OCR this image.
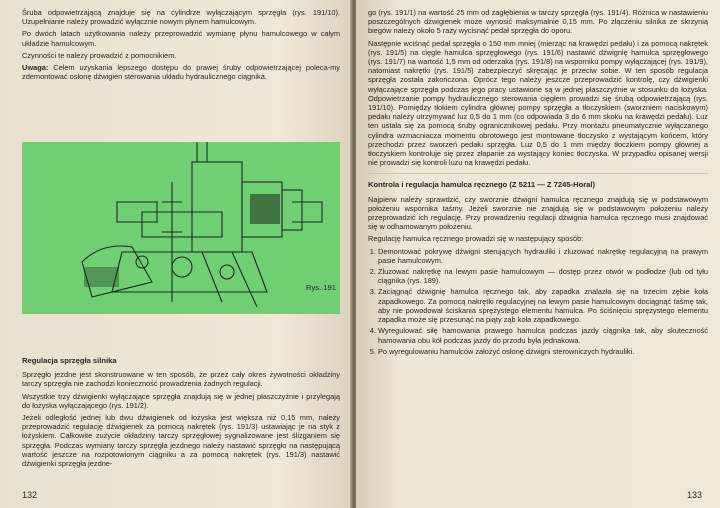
Śruba odpowietrzającą znajduje się na cylindrze wyłączającym sprzęgła (rys. 191/10). Uzupełnianie należy prowadzić wyłącznie nowym płynem hamulcowym.

Po dwóch latach użytkowania należy przeprowadzić wymianę płynu hamulcowego w całym układzie hamulcowym.

Czynności te należy prowadzić z pomocnikiem.

Uwaga: Celem uzyskania lepszego dostępu do prawej śruby odpowietrzającej poleca-my zdemontować osłonę dźwigien sterowania układu hydraulicznego ciągnika.

Rys. 191
Regulacja sprzęgła silnika

Sprzęgło jezdne jest skonstruowane w ten sposób, że przez cały okres żywotności okładziny tarczy sprzęgła nie zachodzi konieczność prowadzenia żadnych regulacji.

Wszystkie trzy dźwigienki wyłączające sprzęgła znajdują się w jednej płaszczyźnie i przylegają do łożyska wyłączającego (rys. 191/2).

Jeżeli odległość jednej lub dwu dźwigienek od łożyska jest większa niż 0,15 mm, należy przeprowadzić regulację dźwigienek za pomocą nakrętek (rys. 191/3) ustawiając je na styk z łożyskiem. Całkowite zużycie okładziny tarczy sprzęgłowej sygnalizowane jest ślizganiem się sprzęgła. Podczas wymiany tarczy sprzęgła jezdnego należy nastawić sprzęgło na następującą wartość jeszcze na rozpotowionym ciągniku a za pomocą nakrętek (rys. 191/3) nastawić dźwigienki sprzęgła jezdne-

132

go (rys. 191/1) na wartość 25 mm od zagłębienia w tarczy sprzęgła (rys. 191/4). Różnica w nastawieniu poszczególnych dźwigienek może wynosić maksymalnie 0,15 mm. Po złączeniu silnika ze skrzynią biegów należy około 5 razy wycisnąć pedał sprzęgła do oporu.

Następnie wciśnąć pedał sprzęgła o 150 mm mniej (mierząc na krawędzi pedału) i za pomocą nakrętek (rys. 191/5) na cięgle hamulca sprzęgłowego (rys. 191/6) nastawić dźwignię hamulca sprzęgłowego (rys. 191/7) na wartość 1,5 mm od oderzaka (rys. 191/8) na wsporniku pompy wyłączającej (rys. 191/9), natomiast nakrętki (rys. 191/5) zabezpieczyć skręcając je przeciw sobie. W ten sposób regulacja sprzęgła została zakończona. Oprócz tego należy jeszcze przeprowadzić kontrolę, czy dźwigienki wyłączające sprzęgła podczas jego pracy ustawione są w jednej płaszczyźnie w stosunku do łożyska. Odpowietrzanie pompy hydraulicznego sterowania cięgłem prowadzi się śrubą odpowietrzającą (rys. 191/10). Pomiędzy tłokiem cylindra głównej pompy sprzęgła a tłoczyskiem (sworzniem naciskowym) pedału należy utrzymywać luz 0,5 do 1 mm (co odpowiada 3 do 6 mm skoku na krawędzi pedału). Luz ten ustala się za pomocą śruby ogranicznikowej pedału. Przy montażu pneumatycznie wyłączanego cylindra wzmacniacza momentu obrotowego jest montowane tłoczysko z wystającym końcem, który przechodzi przez sworzeń pedału sprzęgła. Luz 0,5 do 1 mm między tłoczkiem pompy głównej a tłoczyskiem kontroluje się przez złapanie za wystający koniec tłoczyska. W przypadku opisanej wersji nie prowadzi się kontroli luzu na krawędzi pedału.

Kontrola i regulacja hamulca ręcznego (Z 5211 — Z 7245-Horal)

Najpierw należy sprawdzić, czy sworznie dźwigni hamulca ręcznego znajdują się w podstawowym położeniu wspornika taśmy. Jeżeli sworznie nie znajdują się w podstawowym położeniu należy przeprowadzić ich regulację. Przy prowadzeniu regulacji dźwignia hamulca ręcznego musi znajdować się w odhamowanym położeniu.

Regulację hamulca ręcznego prowadzi się w następujący sposób:

1. Demontować pokrywę dźwigni sterujących hydrauliki i zluzować nakrętkę regulacyjną na prawym pasie hamulcowym.
2. Zluzować nakrętkę na lewym pasie hamulcowym — dostęp przez otwór w podłodze (lub od tyłu ciągnika (rys. 189).
3. Zaciągnąć dźwignię hamulca ręcznego tak, aby zapadka znalazła się na trzecim zębie koła zapadkowego. Za pomocą nakrętki regulacyjnej na lewym pasie hamulcowym dociągnąć taśmę tak, aby nie powodował ściskania sprężystego elementu hamulca. Po ściśnięciu sprężystego elementu zapadka może się przesunąć na piąty ząb koła zapadkowego.
4. Wyregulować siłę hamowania prawego hamulca podczas jazdy ciągnika tak, aby skuteczność hamowania obu kół podczas jazdy do przodu była jednakowa.
5. Po wyregulowaniu hamulców założyć osłonę dźwigni sterowniczych hydrauliki.
133
